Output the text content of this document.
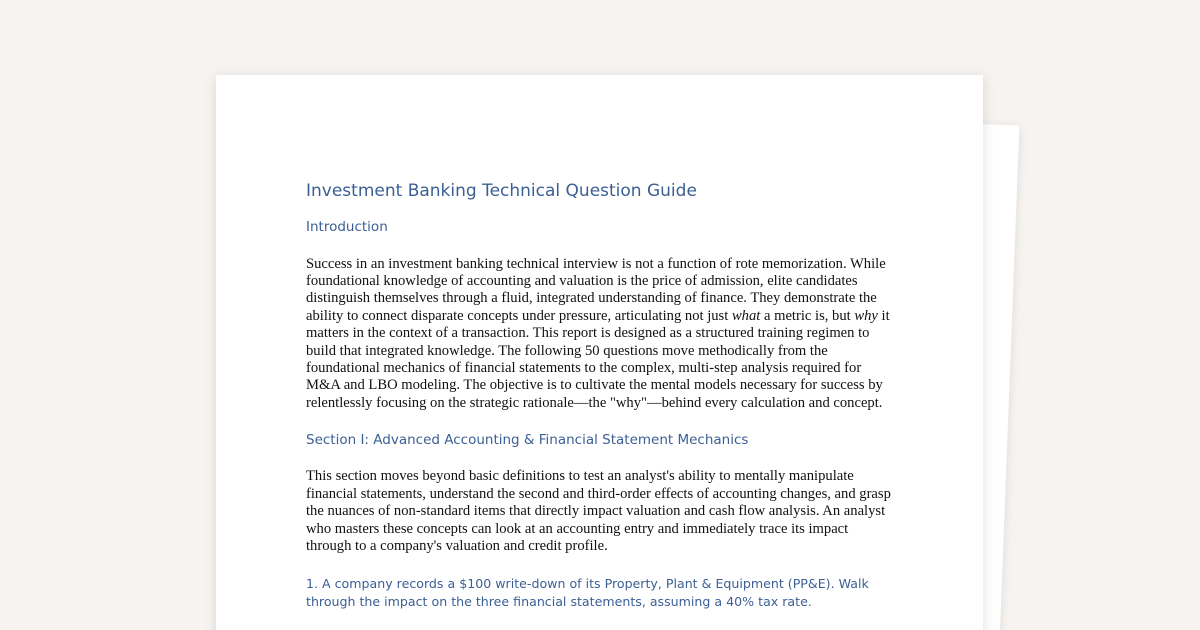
Investment Banking Technical Question Guide
Introduction

Success in an investment banking technical interview is not a function of rote memorization. While foundational knowledge of accounting and valuation is the price of admission, elite candidates distinguish themselves through a fluid, integrated understanding of finance. They demonstrate the ability to connect disparate concepts under pressure, articulating not just what a metric is, but why it matters in the context of a transaction. This report is designed as a structured training regimen to build that integrated knowledge. The following 50 questions move methodically from the foundational mechanics of financial statements to the complex, multi-step analysis required for M&A and LBO modeling. The objective is to cultivate the mental models necessary for success by relentlessly focusing on the strategic rationale—the "why"—behind every calculation and concept.

Section I: Advanced Accounting & Financial Statement Mechanics

This section moves beyond basic definitions to test an analyst's ability to mentally manipulate financial statements, understand the second and third-order effects of accounting changes, and grasp the nuances of non-standard items that directly impact valuation and cash flow analysis. An analyst who masters these concepts can look at an accounting entry and immediately trace its impact through to a company's valuation and credit profile.

1. A company records a $100 write-down of its Property, Plant & Equipment (PP&E). Walk through the impact on the three financial statements, assuming a 40% tax rate.
